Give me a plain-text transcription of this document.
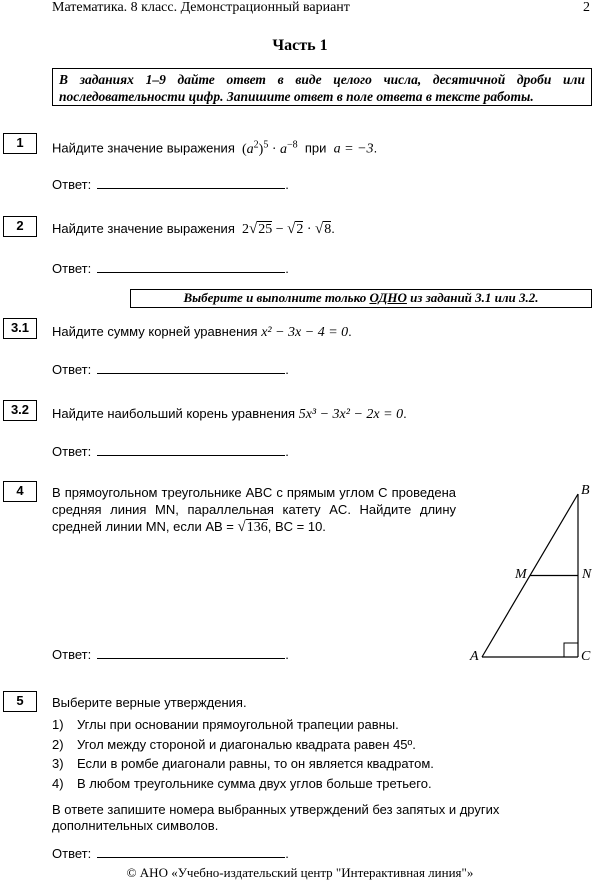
Математика. 8 класс. Демонстрационный вариант	2
Часть 1
В заданиях 1–9 дайте ответ в виде целого числа, десятичной дроби или последовательности цифр. Запишите ответ в поле ответа в тексте работы.
1	Найдите значение выражения  $(a^2)^5 \cdot a^{-8}$ при a = −3.
Ответ:	.
2	Найдите значение выражения 2√25 − √2 · √8.
Ответ:	.
Выберите и выполните только ОДНО из заданий 3.1 или 3.2.
3.1	Найдите сумму корней уравнения x² − 3x − 4 = 0.
Ответ:	.
3.2	Найдите наибольший корень уравнения 5x³ − 3x² − 2x = 0.
Ответ:	.
4	В прямоугольном треугольнике ABC с прямым углом C проведена средняя линия MN, параллельная катету AC. Найдите длину средней линии MN, если AB = √136, BC = 10.
B
N
M
A	C
Ответ:	.
5	Выберите верные утверждения.
1) Углы при основании прямоугольной трапеции равны.
2) Угол между стороной и диагональю квадрата равен 45º.
3) Если в ромбе диагонали равны, то он является квадратом.
4) В любом треугольнике сумма двух углов больше третьего.
В ответе запишите номера выбранных утверждений без запятых и других дополнительных символов.
Ответ:	.
© АНО «Учебно-издательский центр "Интерактивная линия"»
